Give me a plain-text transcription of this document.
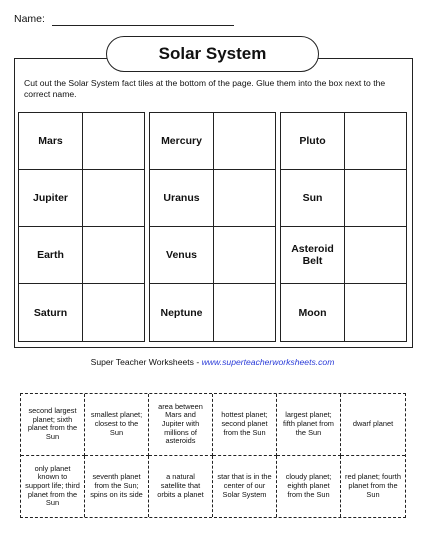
Name:
Solar System
Cut out the Solar System fact tiles at the bottom of the page. Glue them into the box next to the correct name.
Mars
Jupiter
Earth
Saturn
Mercury
Uranus
Venus
Neptune
Pluto
Sun
Asteroid Belt
Moon
Super Teacher Worksheets - www.superteacherworksheets.com
second largest planet; sixth planet from the Sun
smallest planet; closest to the Sun
area between Mars and Jupiter with millions of asteroids
hottest planet; second planet from the Sun
largest planet; fifth planet from the Sun
dwarf planet
only planet known to support life; third planet from the Sun
seventh planet from the Sun; spins on its side
a natural satellite that orbits a planet
star that is in the center of our Solar System
cloudy planet; eighth planet from the Sun
red planet; fourth planet from the Sun
